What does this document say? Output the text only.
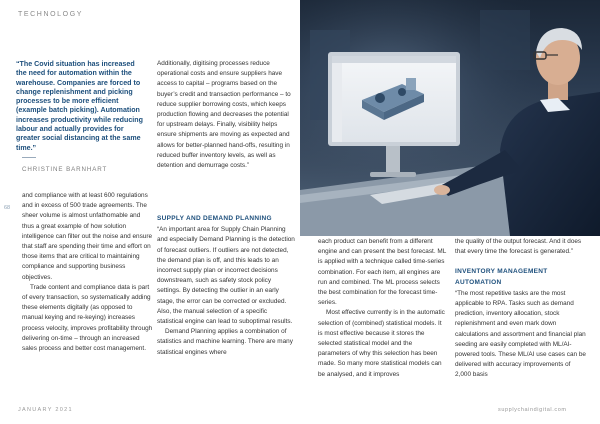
TECHNOLOGY
“The Covid situation has increased the need for automation within the warehouse. Companies are forced to change replenishment and picking processes to be more efficient (example batch picking). Automation increases productivity while reducing labour and actually provides for greater social distancing at the same time.”
CHRISTINE BARNHART

and compliance with at least 600 regulations and in excess of 500 trade agreements. The sheer volume is almost unfathomable and thus a great example of how solution intelligence can filter out the noise and ensure that staff are spending their time and effort on those items that are critical to maintaining compliance and supporting business objectives.

Trade content and compliance data is part of every transaction, so systematically adding these elements digitally (as opposed to manual keying and re-keying) increases process velocity, improves profitability through delivering on-time – through an increased sales process and better cost management.

Additionally, digitising processes reduce operational costs and ensure suppliers have access to capital – programs based on the buyer’s credit and transaction performance – to reduce supplier borrowing costs, which keeps production flowing and decreases the potential for upstream delays. Finally, visibility helps ensure shipments are moving as expected and allows for better-planned hand-offs, resulting in reduced buffer inventory levels, as well as detention and demurrage costs.”

SUPPLY AND DEMAND PLANNING

“An important area for Supply Chain Planning and especially Demand Planning is the detection of forecast outliers. If outliers are not detected, the demand plan is off, and this leads to an incorrect supply plan or incorrect decisions downstream, such as safety stock policy settings. By detecting the outlier in an early stage, the error can be corrected or excluded. Also, the manual selection of a specific statistical engine can lead to suboptimal results.

Demand Planning applies a combination of statistics and machine learning. There are many statistical engines where

each product can benefit from a different engine and can present the best forecast. ML is applied with a technique called time-series combination. For each item, all engines are run and combined. The ML process selects the best combination for the forecast time-series.

Most effective currently is in the automatic selection of (combined) statistical models. It is most effective because it stores the selected statistical model and the parameters of why this selection has been made. So many more statistical models can be analysed, and it improves

the quality of the output forecast. And it does that every time the forecast is generated.”

INVENTORY MANAGEMENT AUTOMATION

“The most repetitive tasks are the most applicable to RPA. Tasks such as demand prediction, inventory allocation, stock replenishment and even mark down calculations and assortment and financial plan seeding are easily completed with ML/AI-powered tools. These ML/AI use cases can be delivered with accuracy improvements of 2,000 basis

68
JANUARY 2021	supplychaindigital.com
